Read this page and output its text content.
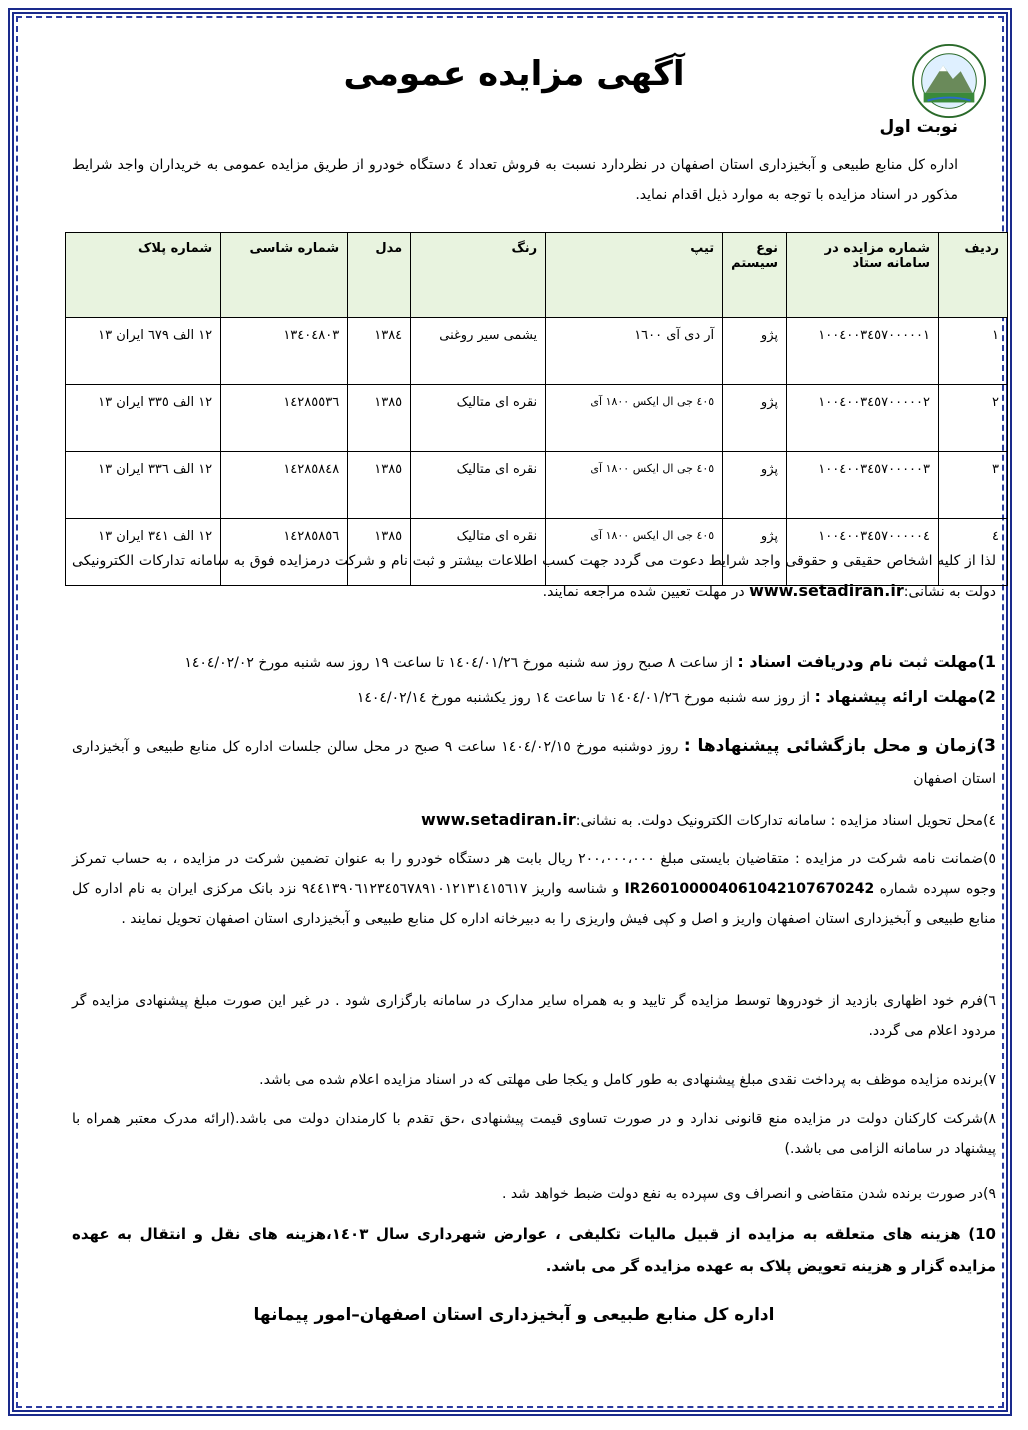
آگهی مزایده عمومی
نوبت اول
اداره کل منابع طبیعی و آبخیزداری استان اصفهان در نظردارد نسبت به فروش تعداد ٤ دستگاه خودرو از طریق مزایده عمومی به خریداران واجد شرایط مذکور در اسناد مزایده با توجه به موارد ذیل اقدام نماید.
ردیف	شماره مزایده در سامانه ستاد	نوع سیستم	تیپ	رنگ	مدل	شماره شاسی	شماره پلاک
١	١٠٠٤٠٠٣٤٥٧٠٠٠٠٠١	پژو	آر دی آی ١٦٠٠	یشمی سیر روغنی	١٣٨٤	١٣٤٠٤٨٠٣	١٢ الف ٦٧٩ ایران ١٣
٢	١٠٠٤٠٠٣٤٥٧٠٠٠٠٠٢	پژو	٤٠٥ جی ال ایکس ١٨٠٠ آی	نقره ای متالیک	١٣٨٥	١٤٢٨٥٥٣٦	١٢ الف ٣٣٥ ایران ١٣
٣	١٠٠٤٠٠٣٤٥٧٠٠٠٠٠٣	پژو	٤٠٥ جی ال ایکس ١٨٠٠ آی	نقره ای متالیک	١٣٨٥	١٤٢٨٥٨٤٨	١٢ الف ٣٣٦ ایران ١٣
٤	١٠٠٤٠٠٣٤٥٧٠٠٠٠٠٤	پژو	٤٠٥ جی ال ایکس ١٨٠٠ آی	نقره ای متالیک	١٣٨٥	١٤٢٨٥٨٥٦	١٢ الف ٣٤١ ایران ١٣
لذا از کلیه اشخاص حقیقی و حقوقی واجد شرایط دعوت می گردد جهت کسب اطلاعات بیشتر و ثبت نام و شرکت درمزایده فوق به سامانه تدارکات الکترونیکی دولت به نشانی:www.setadiran.ir در مهلت تعیین شده مراجعه نمایند.
1)مهلت ثبت نام ودریافت اسناد : از ساعت ٨ صبح روز سه شنبه مورخ ١٤٠٤/٠١/٢٦ تا ساعت ١٩ روز سه شنبه مورخ ١٤٠٤/٠٢/٠٢
2)مهلت ارائه پیشنهاد : از روز سه شنبه مورخ ١٤٠٤/٠١/٢٦ تا ساعت ١٤ روز یکشنبه مورخ ١٤٠٤/٠٢/١٤
3)زمان و محل بازگشائی پیشنهادها : روز دوشنبه مورخ ١٤٠٤/٠٢/١٥ ساعت ٩ صبح در محل سالن جلسات اداره کل منابع طبیعی و آبخیزداری استان اصفهان
٤)محل تحویل اسناد مزایده : سامانه تدارکات الکترونیک دولت. به نشانی:www.setadiran.ir
٥)ضمانت نامه شرکت در مزایده : متقاضیان بایستی مبلغ ٢٠٠،٠٠٠،٠٠٠ ریال بابت هر دستگاه خودرو را به عنوان تضمین شرکت در مزایده ، به حساب تمرکز وجوه سپرده شماره IR260100004061042107670242 و شناسه واریز ٩٤٤١٣٩٠٦١٢٣٤٥٦٧٨٩١٠١٢١٣١٤١٥٦١٧ نزد بانک مرکزی ایران به نام اداره کل منابع طبیعی و آبخیزداری استان اصفهان واریز و اصل و کپی فیش واریزی را به دبیرخانه اداره کل منابع طبیعی و آبخیزداری استان اصفهان تحویل نمایند .
٦)فرم خود اظهاری بازدید از خودروها توسط مزایده گر تایید و به همراه سایر مدارک در سامانه بارگزاری شود . در غیر این صورت مبلغ پیشنهادی مزایده گر مردود اعلام می گردد.
٧)برنده مزایده موظف به پرداخت نقدی مبلغ پیشنهادی به طور کامل و یکجا طی مهلتی که در اسناد مزایده اعلام شده می باشد.
٨)شرکت کارکنان دولت در مزایده منع قانونی ندارد و در صورت تساوی قیمت پیشنهادی ،حق تقدم با کارمندان دولت می باشد.(ارائه مدرک معتبر همراه با پیشنهاد در سامانه الزامی می باشد.)
٩)در صورت برنده شدن متقاضی و انصراف وی سپرده به نفع دولت ضبط خواهد شد .
10) هزینه های متعلقه به مزایده از قبیل مالیات تکلیفی ، عوارض شهرداری سال ١٤٠٣،هزینه های نقل و انتقال به عهده مزایده گزار و هزینه تعویض پلاک به عهده مزایده گر می باشد.
اداره کل منابع طبیعی و آبخیزداری استان اصفهان–امور پیمانها
